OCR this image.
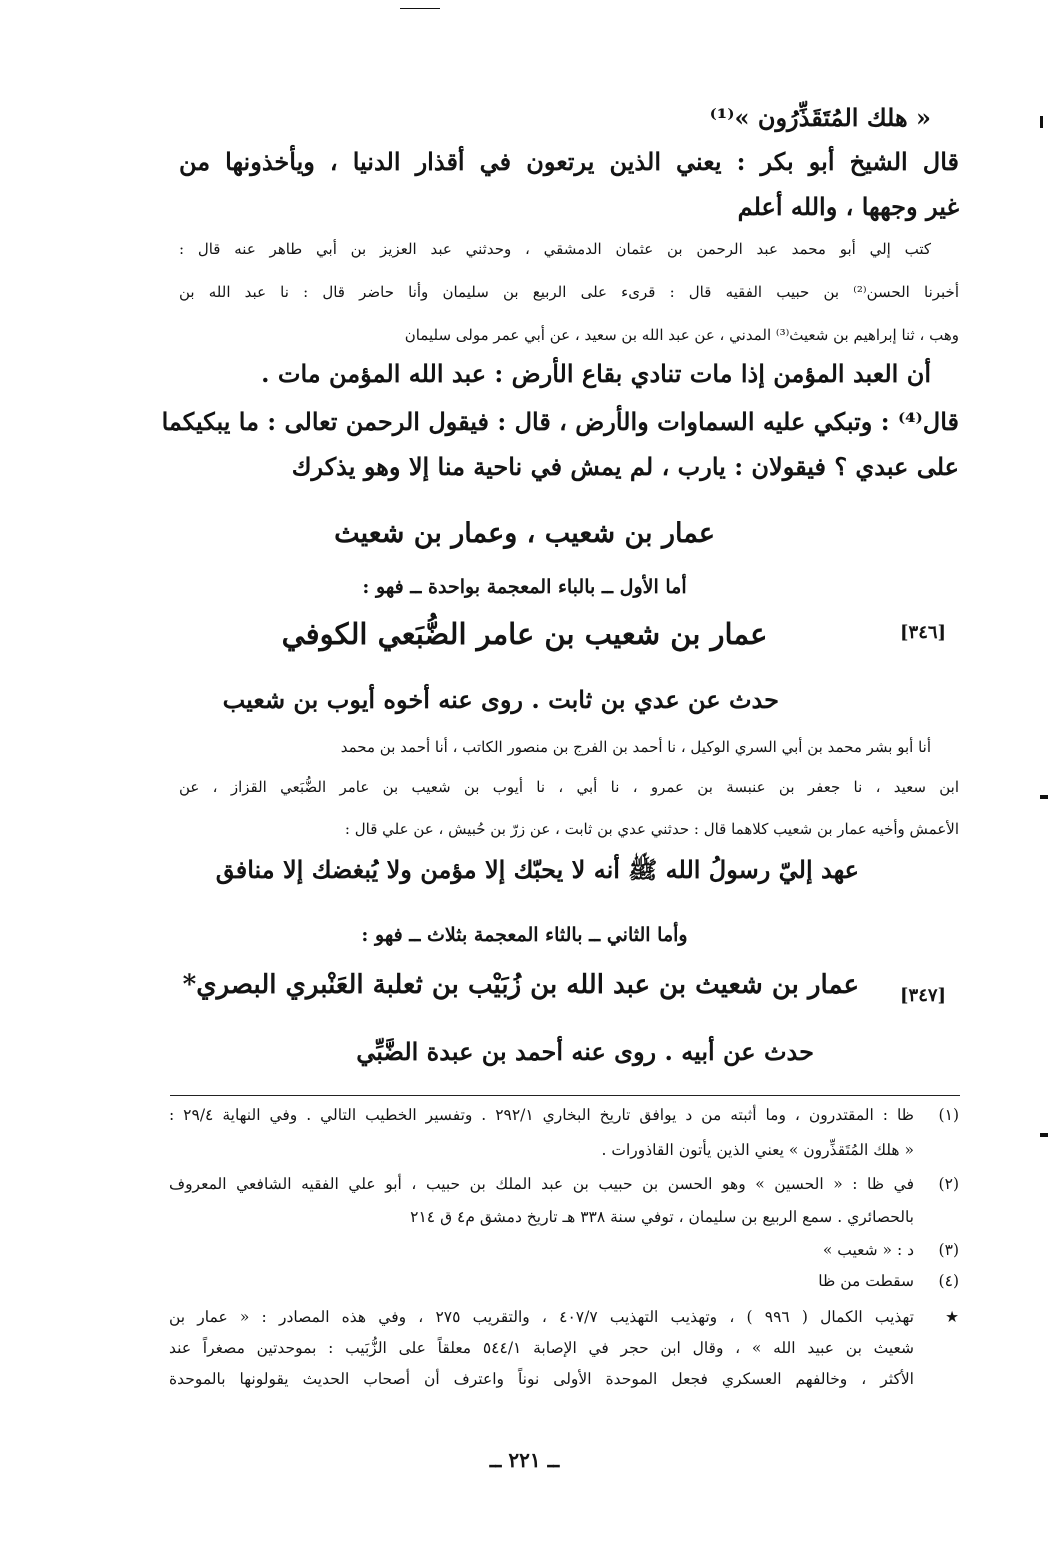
« هلك المُتَقَذِّرُون »⁽¹⁾
قال الشيخ أبو بكر : يعني الذين يرتعون في أقذار الدنيا ، ويأخذونها من
غير وجهها ، والله أعلم
كتب إلي أبو محمد عبد الرحمن بن عثمان الدمشقي ، وحدثني عبد العزيز بن أبي طاهر عنه قال :
أخبرنا الحسن⁽²⁾ بن حبيب الفقيه قال : قرىء على الربيع بن سليمان وأنا حاضر قال : نا عبد الله بن
وهب ، ثنا إبراهيم بن شعيث⁽³⁾ المدني ، عن عبد الله بن سعيد ، عن أبي عمر مولى سليمان
أن العبد المؤمن إذا مات تنادي بقاع الأرض : عبد الله المؤمن مات .
قال⁽⁴⁾ : وتبكي عليه السماوات والأرض ، قال : فيقول الرحمن تعالى : ما يبكيكما
على عبدي ؟ فيقولان : يارب ، لم يمش في ناحية منا إلا وهو يذكرك
عمار بن شعيب ، وعمار بن شعيث
أما الأول ــ بالباء المعجمة بواحدة ــ فهو :
[٣٤٦]
عمار بن شعيب بن عامر الضُّبَعي الكوفي
حدث عن عدي بن ثابت . روى عنه أخوه أيوب بن شعيب
أنا أبو بشر محمد بن أبي السري الوكيل ، نا أحمد بن الفرج بن منصور الكاتب ، أنا أحمد بن محمد
ابن سعيد ، نا جعفر بن عنبسة بن عمرو ، نا أبي ، نا أيوب بن شعيب بن عامر الضُّبَعي القزاز ، عن
الأعمش وأخيه عمار بن شعيب كلاهما قال : حدثني عدي بن ثابت ، عن زرّ بن حُبيش ، عن علي قال :
عهد إليّ رسولُ الله ﷺ أنه لا يحبّك إلا مؤمن ولا يُبغضك إلا منافق
وأما الثاني ــ بالثاء المعجمة بثلاث ــ فهو :
[٣٤٧]
عمار بن شعيث بن عبد الله بن زُبَيْب بن ثعلبة العَنْبري البصري*
حدث عن أبيه . روى عنه أحمد بن عبدة الضَّبِّي
(١)
ظا : المقتدرون ، وما أثبته من د يوافق تاريخ البخاري ٢٩٢/١ . وتفسير الخطيب التالي . وفي النهاية ٢٩/٤ :
« هلك المُتَقذِّرون » يعني الذين يأتون القاذورات .
(٢)
في ظا : « الحسين » وهو الحسن بن حبيب بن عبد الملك بن حبيب ، أبو علي الفقيه الشافعي المعروف
بالحصائري . سمع الربيع بن سليمان ، توفي سنة ٣٣٨ هـ تاريخ دمشق م٤ ق ٢١٤
(٣)
د : « شعيب »
(٤)
سقطت من ظا
★
تهذيب الكمال ( ٩٩٦ ) ، وتهذيب التهذيب ٤٠٧/٧ ، والتقريب ٢٧٥ ، وفي هذه المصادر : « عمار بن
شعيث بن عبيد الله » ، وقال ابن حجر في الإصابة ٥٤٤/١ معلقاً على الزُّبَيب : بموحدتين مصغراً عند
الأكثر ، وخالفهم العسكري فجعل الموحدة الأولى نوناً واعترف أن أصحاب الحديث يقولونها بالموحدة
ــ ٢٢١ ــ
